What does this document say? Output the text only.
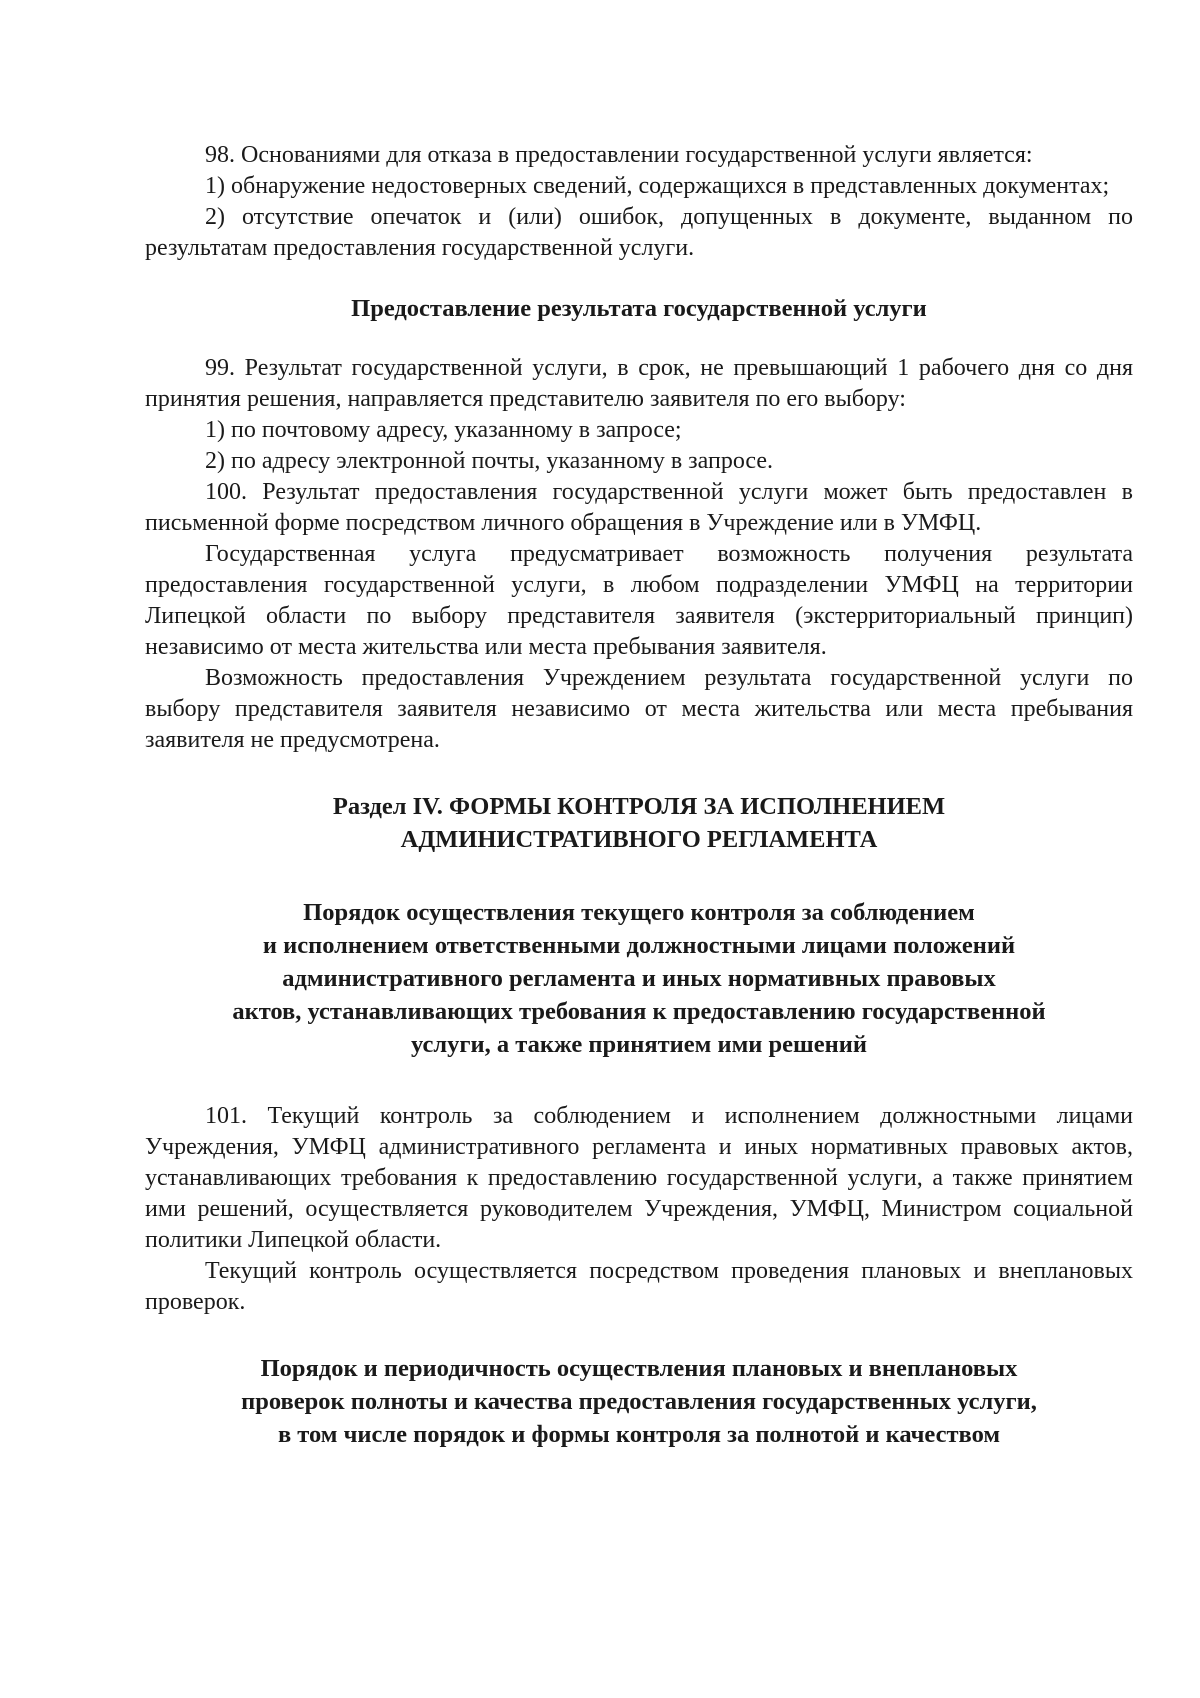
98. Основаниями для отказа в предоставлении государственной услуги является:

1) обнаружение недостоверных сведений, содержащихся в представленных документах;

2) отсутствие опечаток и (или) ошибок, допущенных в документе, выданном по результатам предоставления государственной услуги.

Предоставление результата государственной услуги

99. Результат государственной услуги, в срок, не превышающий 1 рабочего дня со дня принятия решения, направляется представителю заявителя по его выбору:

1) по почтовому адресу, указанному в запросе;

2) по адресу электронной почты, указанному в запросе.

100. Результат предоставления государственной услуги может быть предоставлен в письменной форме посредством личного обращения в Учреждение или в УМФЦ.

Государственная услуга предусматривает возможность получения результата предоставления государственной услуги, в любом подразделении УМФЦ на территории Липецкой области по выбору представителя заявителя (экстерриториальный принцип) независимо от места жительства или места пребывания заявителя.

Возможность предоставления Учреждением результата государственной услуги по выбору представителя заявителя независимо от места жительства или места пребывания заявителя не предусмотрена.

Раздел IV. ФОРМЫ КОНТРОЛЯ ЗА ИСПОЛНЕНИЕМ
АДМИНИСТРАТИВНОГО РЕГЛАМЕНТА

Порядок осуществления текущего контроля за соблюдением
и исполнением ответственными должностными лицами положений
административного регламента и иных нормативных правовых
актов, устанавливающих требования к предоставлению государственной
услуги, а также принятием ими решений

101. Текущий контроль за соблюдением и исполнением должностными лицами Учреждения, УМФЦ административного регламента и иных нормативных правовых актов, устанавливающих требования к предоставлению государственной услуги, а также принятием ими решений, осуществляется руководителем Учреждения, УМФЦ, Министром социальной политики Липецкой области.

Текущий контроль осуществляется посредством проведения плановых и внеплановых проверок.

Порядок и периодичность осуществления плановых и внеплановых
проверок полноты и качества предоставления государственных услуги,
в том числе порядок и формы контроля за полнотой и качеством
